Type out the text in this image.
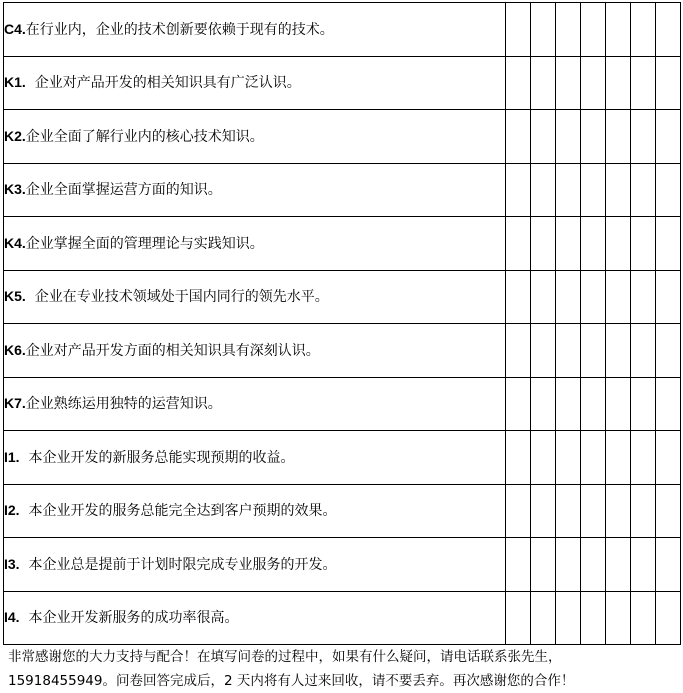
C4.在行业内，企业的技术创新要依赖于现有的技术。							
K1.  企业对产品开发的相关知识具有广泛认识。							
K2.企业全面了解行业内的核心技术知识。							
K3.企业全面掌握运营方面的知识。							
K4.企业掌握全面的管理理论与实践知识。							
K5.  企业在专业技术领域处于国内同行的领先水平。							
K6.企业对产品开发方面的相关知识具有深刻认识。							
K7.企业熟练运用独特的运营知识。							
I1.  本企业开发的新服务总能实现预期的收益。							
I2.  本企业开发的服务总能完全达到客户预期的效果。							
I3.  本企业总是提前于计划时限完成专业服务的开发。							
I4.  本企业开发新服务的成功率很高。							
非常感谢您的大力支持与配合！在填写问卷的过程中，如果有什么疑问，请电话联系张先生，
15918455949。问卷回答完成后，2 天内将有人过来回收，请不要丢弃。再次感谢您的合作！
